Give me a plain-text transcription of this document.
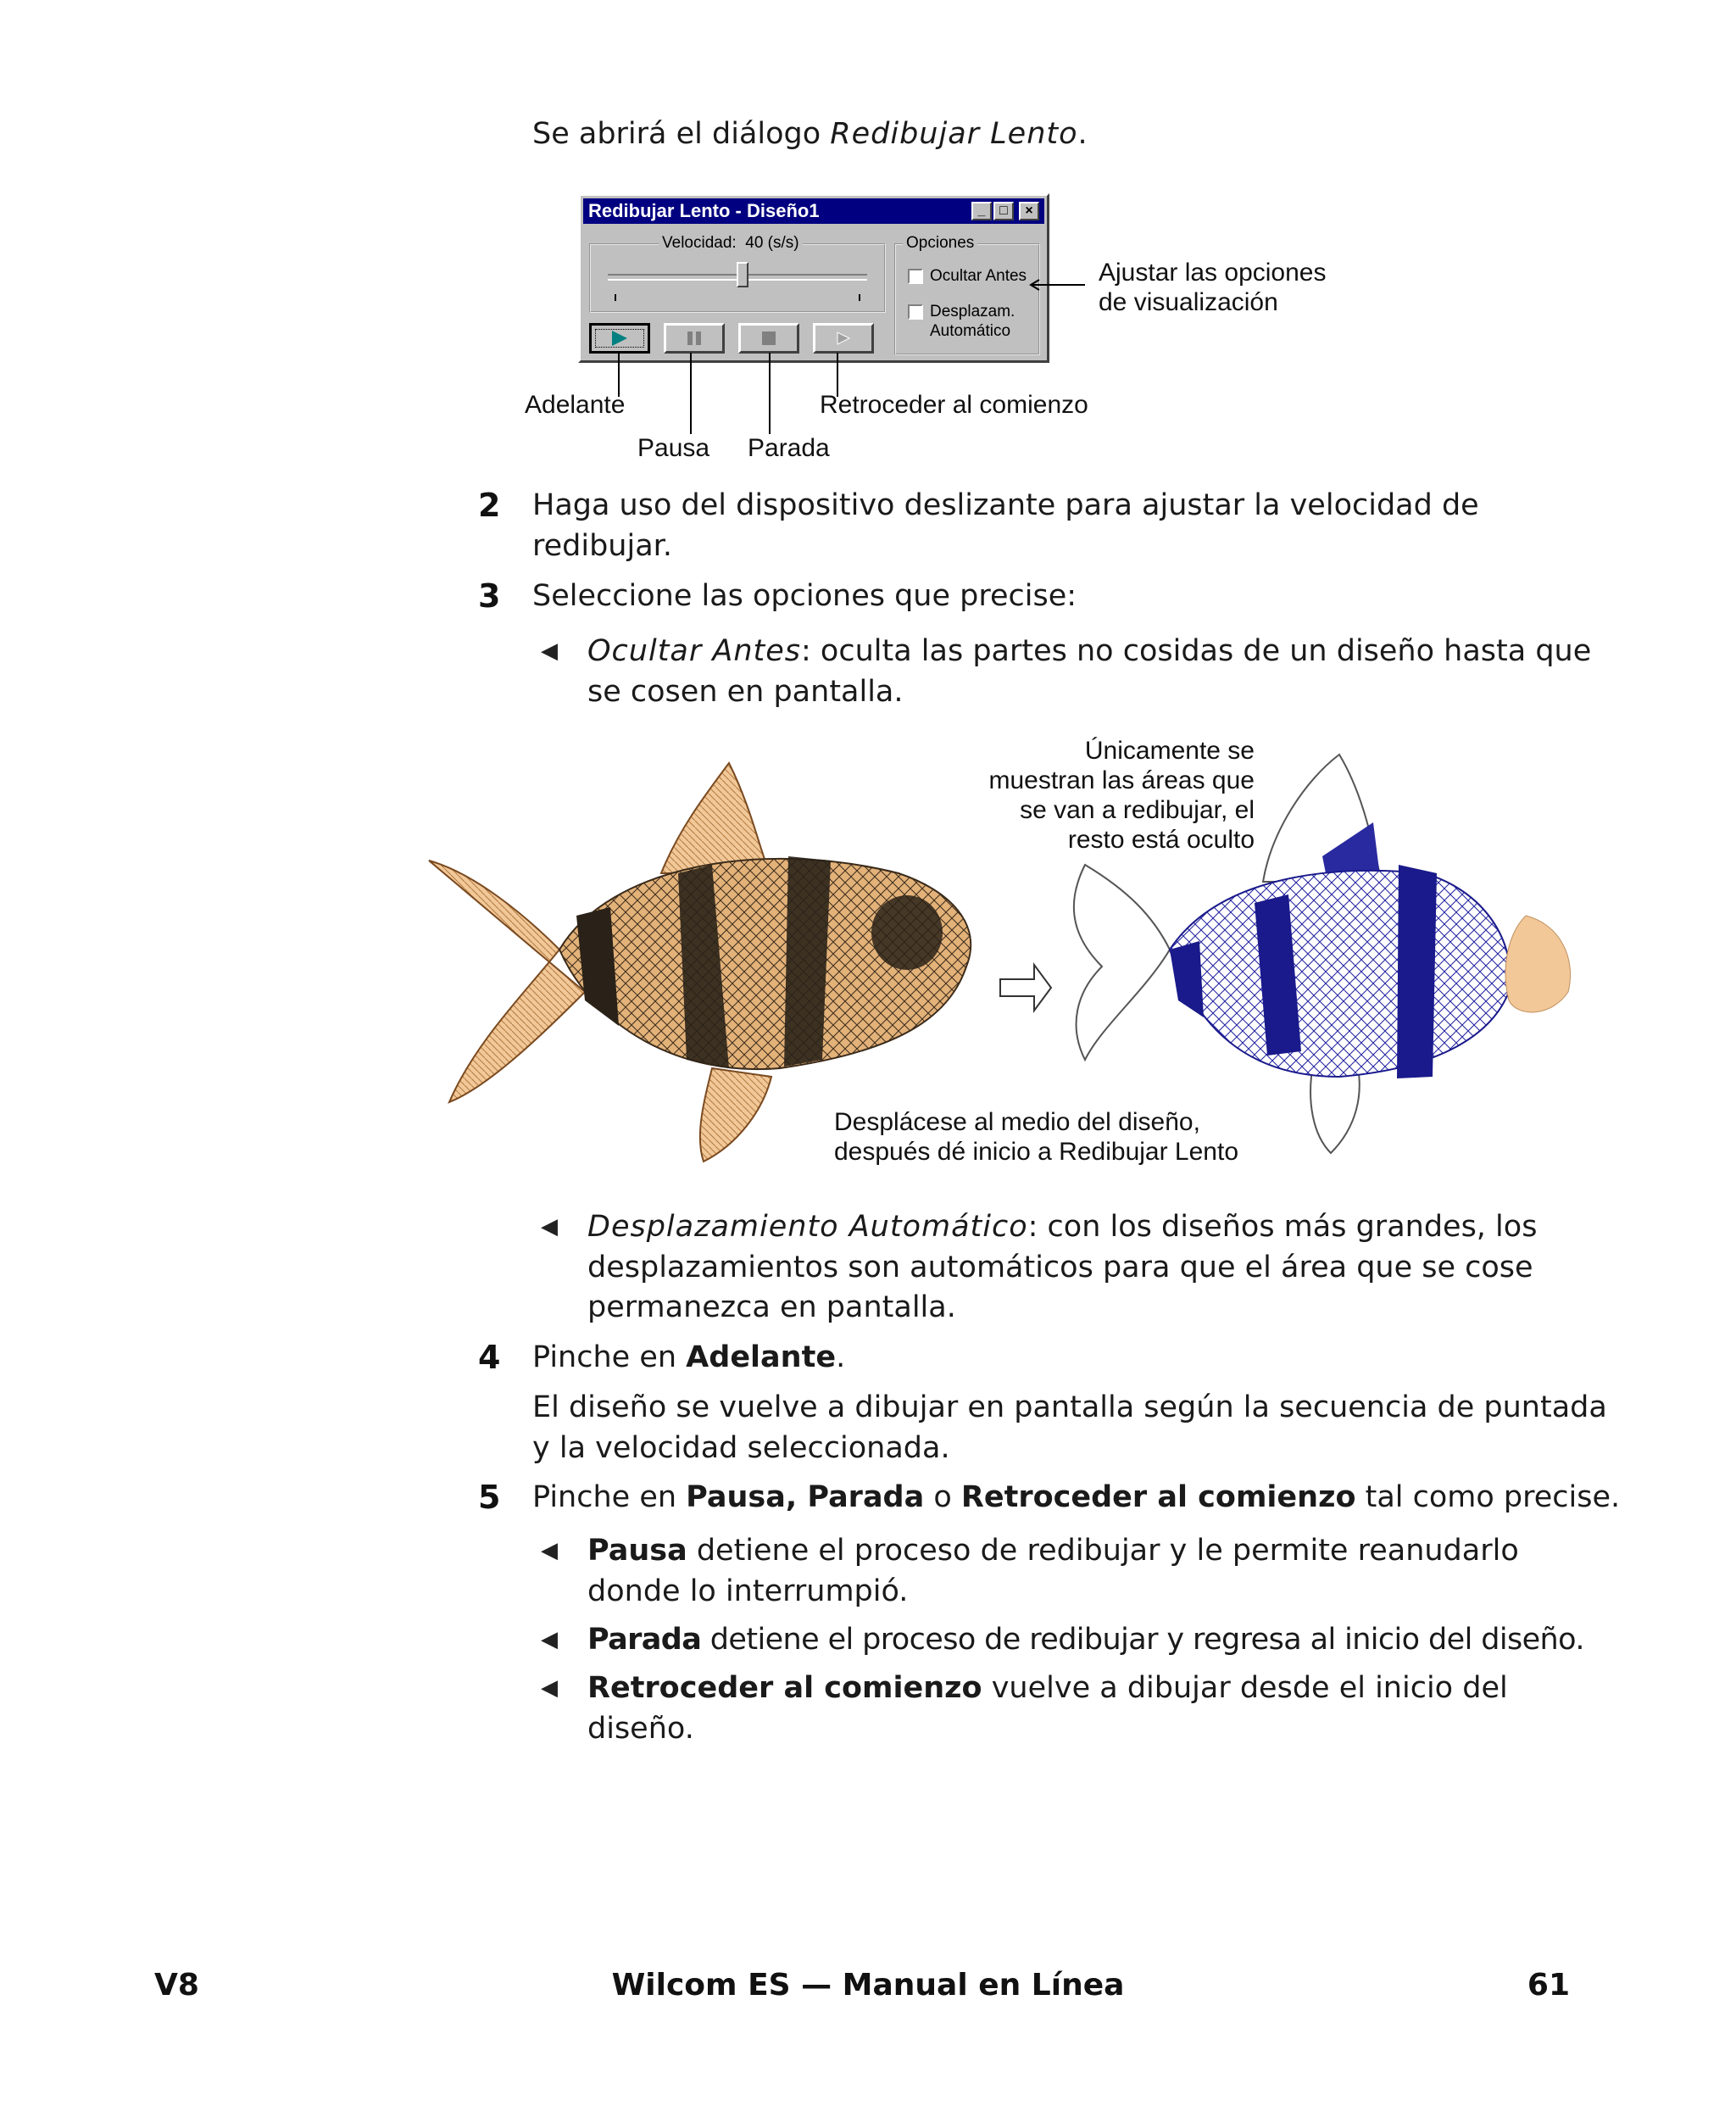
Se abrirá el diálogo Redibujar Lento.
Redibujar Lento - Diseño1	_	□	×
Velocidad: 40 (s/s)	Opciones
Ocultar Antes
Desplazam.
Automático
Ajustar las opciones
de visualización
Adelante	Retroceder al comienzo
Pausa Parada
2 Haga uso del dispositivo deslizante para ajustar la velocidad de
redibujar.
3 Seleccione las opciones que precise:
◀ Ocultar Antes: oculta las partes no cosidas de un diseño hasta que
se cosen en pantalla.
Únicamente se
muestran las áreas que
se van a redibujar, el
resto está oculto
Desplácese al medio del diseño,
después dé inicio a Redibujar Lento
◀ Desplazamiento Automático: con los diseños más grandes, los
desplazamientos son automáticos para que el área que se cose
permanezca en pantalla.
4 Pinche en Adelante.
El diseño se vuelve a dibujar en pantalla según la secuencia de puntada
y la velocidad seleccionada.
5 Pinche en Pausa, Parada o Retroceder al comienzo tal como precise.
◀ Pausa detiene el proceso de redibujar y le permite reanudarlo
donde lo interrumpió.
◀ Parada detiene el proceso de redibujar y regresa al inicio del diseño.
◀ Retroceder al comienzo vuelve a dibujar desde el inicio del
diseño.
V8	Wilcom ES — Manual en Línea	61
